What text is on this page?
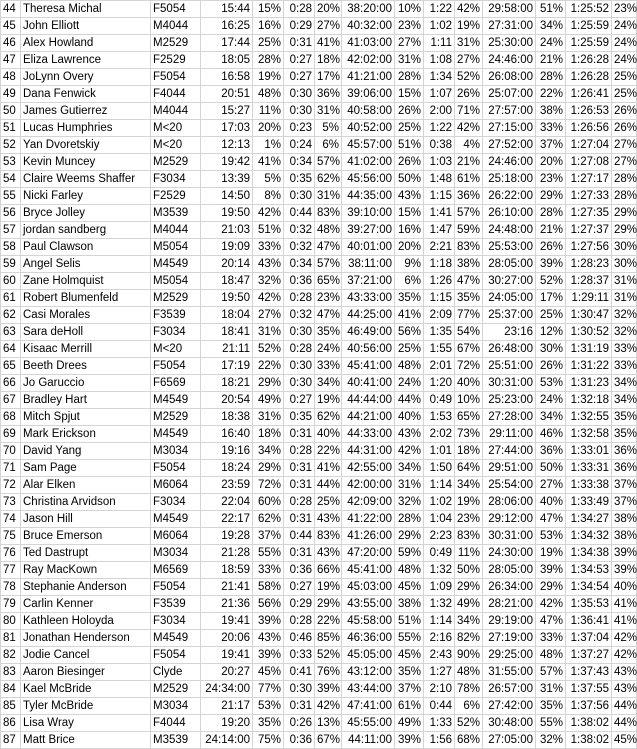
44	Theresa Michal	F5054	15:44	15%	0:28	20%	38:20:00	10%	1:22	42%	29:58:00	51%	1:25:52	23%
45	John Elliott	M4044	16:25	16%	0:29	27%	40:32:00	23%	1:02	19%	27:31:00	34%	1:25:59	24%
46	Alex Howland	M2529	17:44	25%	0:31	41%	41:03:00	27%	1:11	31%	25:30:00	24%	1:25:59	24%
47	Eliza Lawrence	F2529	18:05	28%	0:27	18%	42:02:00	31%	1:08	27%	24:46:00	21%	1:26:28	24%
48	JoLynn Overy	F5054	16:58	19%	0:27	17%	41:21:00	28%	1:34	52%	26:08:00	28%	1:26:28	25%
49	Dana Fenwick	F4044	20:51	48%	0:30	36%	39:06:00	15%	1:07	26%	25:07:00	22%	1:26:41	25%
50	James Gutierrez	M4044	15:27	11%	0:30	31%	40:58:00	26%	2:00	71%	27:57:00	38%	1:26:53	26%
51	Lucas Humphries	M<20	17:03	20%	0:23	5%	40:52:00	25%	1:22	42%	27:15:00	33%	1:26:56	26%
52	Yan Dvoretskiy	M<20	12:13	1%	0:24	6%	45:57:00	51%	0:38	4%	27:52:00	37%	1:27:04	27%
53	Kevin Muncey	M2529	19:42	41%	0:34	57%	41:02:00	26%	1:03	21%	24:46:00	20%	1:27:08	27%
54	Claire Weems Shaffer	F3034	13:39	5%	0:35	62%	45:56:00	50%	1:48	61%	25:18:00	23%	1:27:17	28%
55	Nicki Farley	F2529	14:50	8%	0:30	31%	44:35:00	43%	1:15	36%	26:22:00	29%	1:27:33	28%
56	Bryce Jolley	M3539	19:50	42%	0:44	83%	39:10:00	15%	1:41	57%	26:10:00	28%	1:27:35	29%
57	jordan sandberg	M4044	21:03	51%	0:32	48%	39:27:00	16%	1:47	59%	24:48:00	21%	1:27:37	29%
58	Paul Clawson	M5054	19:09	33%	0:32	47%	40:01:00	20%	2:21	83%	25:53:00	26%	1:27:56	30%
59	Angel Selis	M4549	20:14	43%	0:34	57%	38:11:00	9%	1:18	38%	28:05:00	39%	1:28:23	30%
60	Zane Holmquist	M5054	18:47	32%	0:36	65%	37:21:00	6%	1:26	47%	30:27:00	52%	1:28:37	31%
61	Robert Blumenfeld	M2529	19:50	42%	0:28	23%	43:33:00	35%	1:15	35%	24:05:00	17%	1:29:11	31%
62	Casi Morales	F3539	18:04	27%	0:32	47%	44:25:00	41%	2:09	77%	25:37:00	25%	1:30:47	32%
63	Sara deHoll	F3034	18:41	31%	0:30	35%	46:49:00	56%	1:35	54%	23:16	12%	1:30:52	32%
64	Kisaac Merrill	M<20	21:11	52%	0:28	24%	40:56:00	25%	1:55	67%	26:48:00	30%	1:31:19	33%
65	Beeth Drees	F5054	17:19	22%	0:30	33%	45:41:00	48%	2:01	72%	25:51:00	26%	1:31:22	33%
66	Jo Garuccio	F6569	18:21	29%	0:30	34%	40:41:00	24%	1:20	40%	30:31:00	53%	1:31:23	34%
67	Bradley Hart	M4549	20:54	49%	0:27	19%	44:44:00	44%	0:49	10%	25:23:00	24%	1:32:18	34%
68	Mitch Spjut	M2529	18:38	31%	0:35	62%	44:21:00	40%	1:53	65%	27:28:00	34%	1:32:55	35%
69	Mark Erickson	M4549	16:40	18%	0:31	40%	44:33:00	43%	2:02	73%	29:11:00	46%	1:32:58	35%
70	David Yang	M3034	19:16	34%	0:28	22%	44:31:00	42%	1:01	18%	27:44:00	36%	1:33:01	36%
71	Sam Page	F5054	18:24	29%	0:31	41%	42:55:00	34%	1:50	64%	29:51:00	50%	1:33:31	36%
72	Alar Elken	M6064	23:59	72%	0:31	44%	42:00:00	31%	1:14	34%	25:54:00	27%	1:33:38	37%
73	Christina Arvidson	F3034	22:04	60%	0:28	25%	42:09:00	32%	1:02	19%	28:06:00	40%	1:33:49	37%
74	Jason Hill	M4549	22:17	62%	0:31	43%	41:22:00	28%	1:04	23%	29:12:00	47%	1:34:27	38%
75	Bruce Emerson	M6064	19:28	37%	0:44	83%	41:26:00	29%	2:23	83%	30:31:00	53%	1:34:32	38%
76	Ted Dastrupt	M3034	21:28	55%	0:31	43%	47:20:00	59%	0:49	11%	24:30:00	19%	1:34:38	39%
77	Ray MacKown	M6569	18:59	33%	0:36	66%	45:41:00	48%	1:32	50%	28:05:00	39%	1:34:53	39%
78	Stephanie Anderson	F5054	21:41	58%	0:27	19%	45:03:00	45%	1:09	29%	26:34:00	29%	1:34:54	40%
79	Carlin Kenner	F3539	21:36	56%	0:29	29%	43:55:00	38%	1:32	49%	28:21:00	42%	1:35:53	41%
80	Kathleen Holoyda	F3034	19:41	39%	0:28	22%	45:58:00	51%	1:14	34%	29:19:00	47%	1:36:41	41%
81	Jonathan Henderson	M4549	20:06	43%	0:46	85%	46:36:00	55%	2:16	82%	27:19:00	33%	1:37:04	42%
82	Jodie Cancel	F5054	19:41	39%	0:33	52%	45:05:00	45%	2:43	90%	29:25:00	48%	1:37:27	42%
83	Aaron Biesinger	Clyde	20:27	45%	0:41	76%	43:12:00	35%	1:27	48%	31:55:00	57%	1:37:43	43%
84	Kael McBride	M2529	24:34:00	77%	0:30	39%	43:44:00	37%	2:10	78%	26:57:00	31%	1:37:55	43%
85	Tyler McBride	M3034	21:17	53%	0:31	42%	47:41:00	61%	0:44	6%	27:42:00	35%	1:37:56	44%
86	Lisa Wray	F4044	19:20	35%	0:26	13%	45:55:00	49%	1:33	52%	30:48:00	55%	1:38:02	44%
87	Matt Brice	M3539	24:14:00	75%	0:36	67%	44:11:00	39%	1:56	68%	27:05:00	32%	1:38:02	45%
